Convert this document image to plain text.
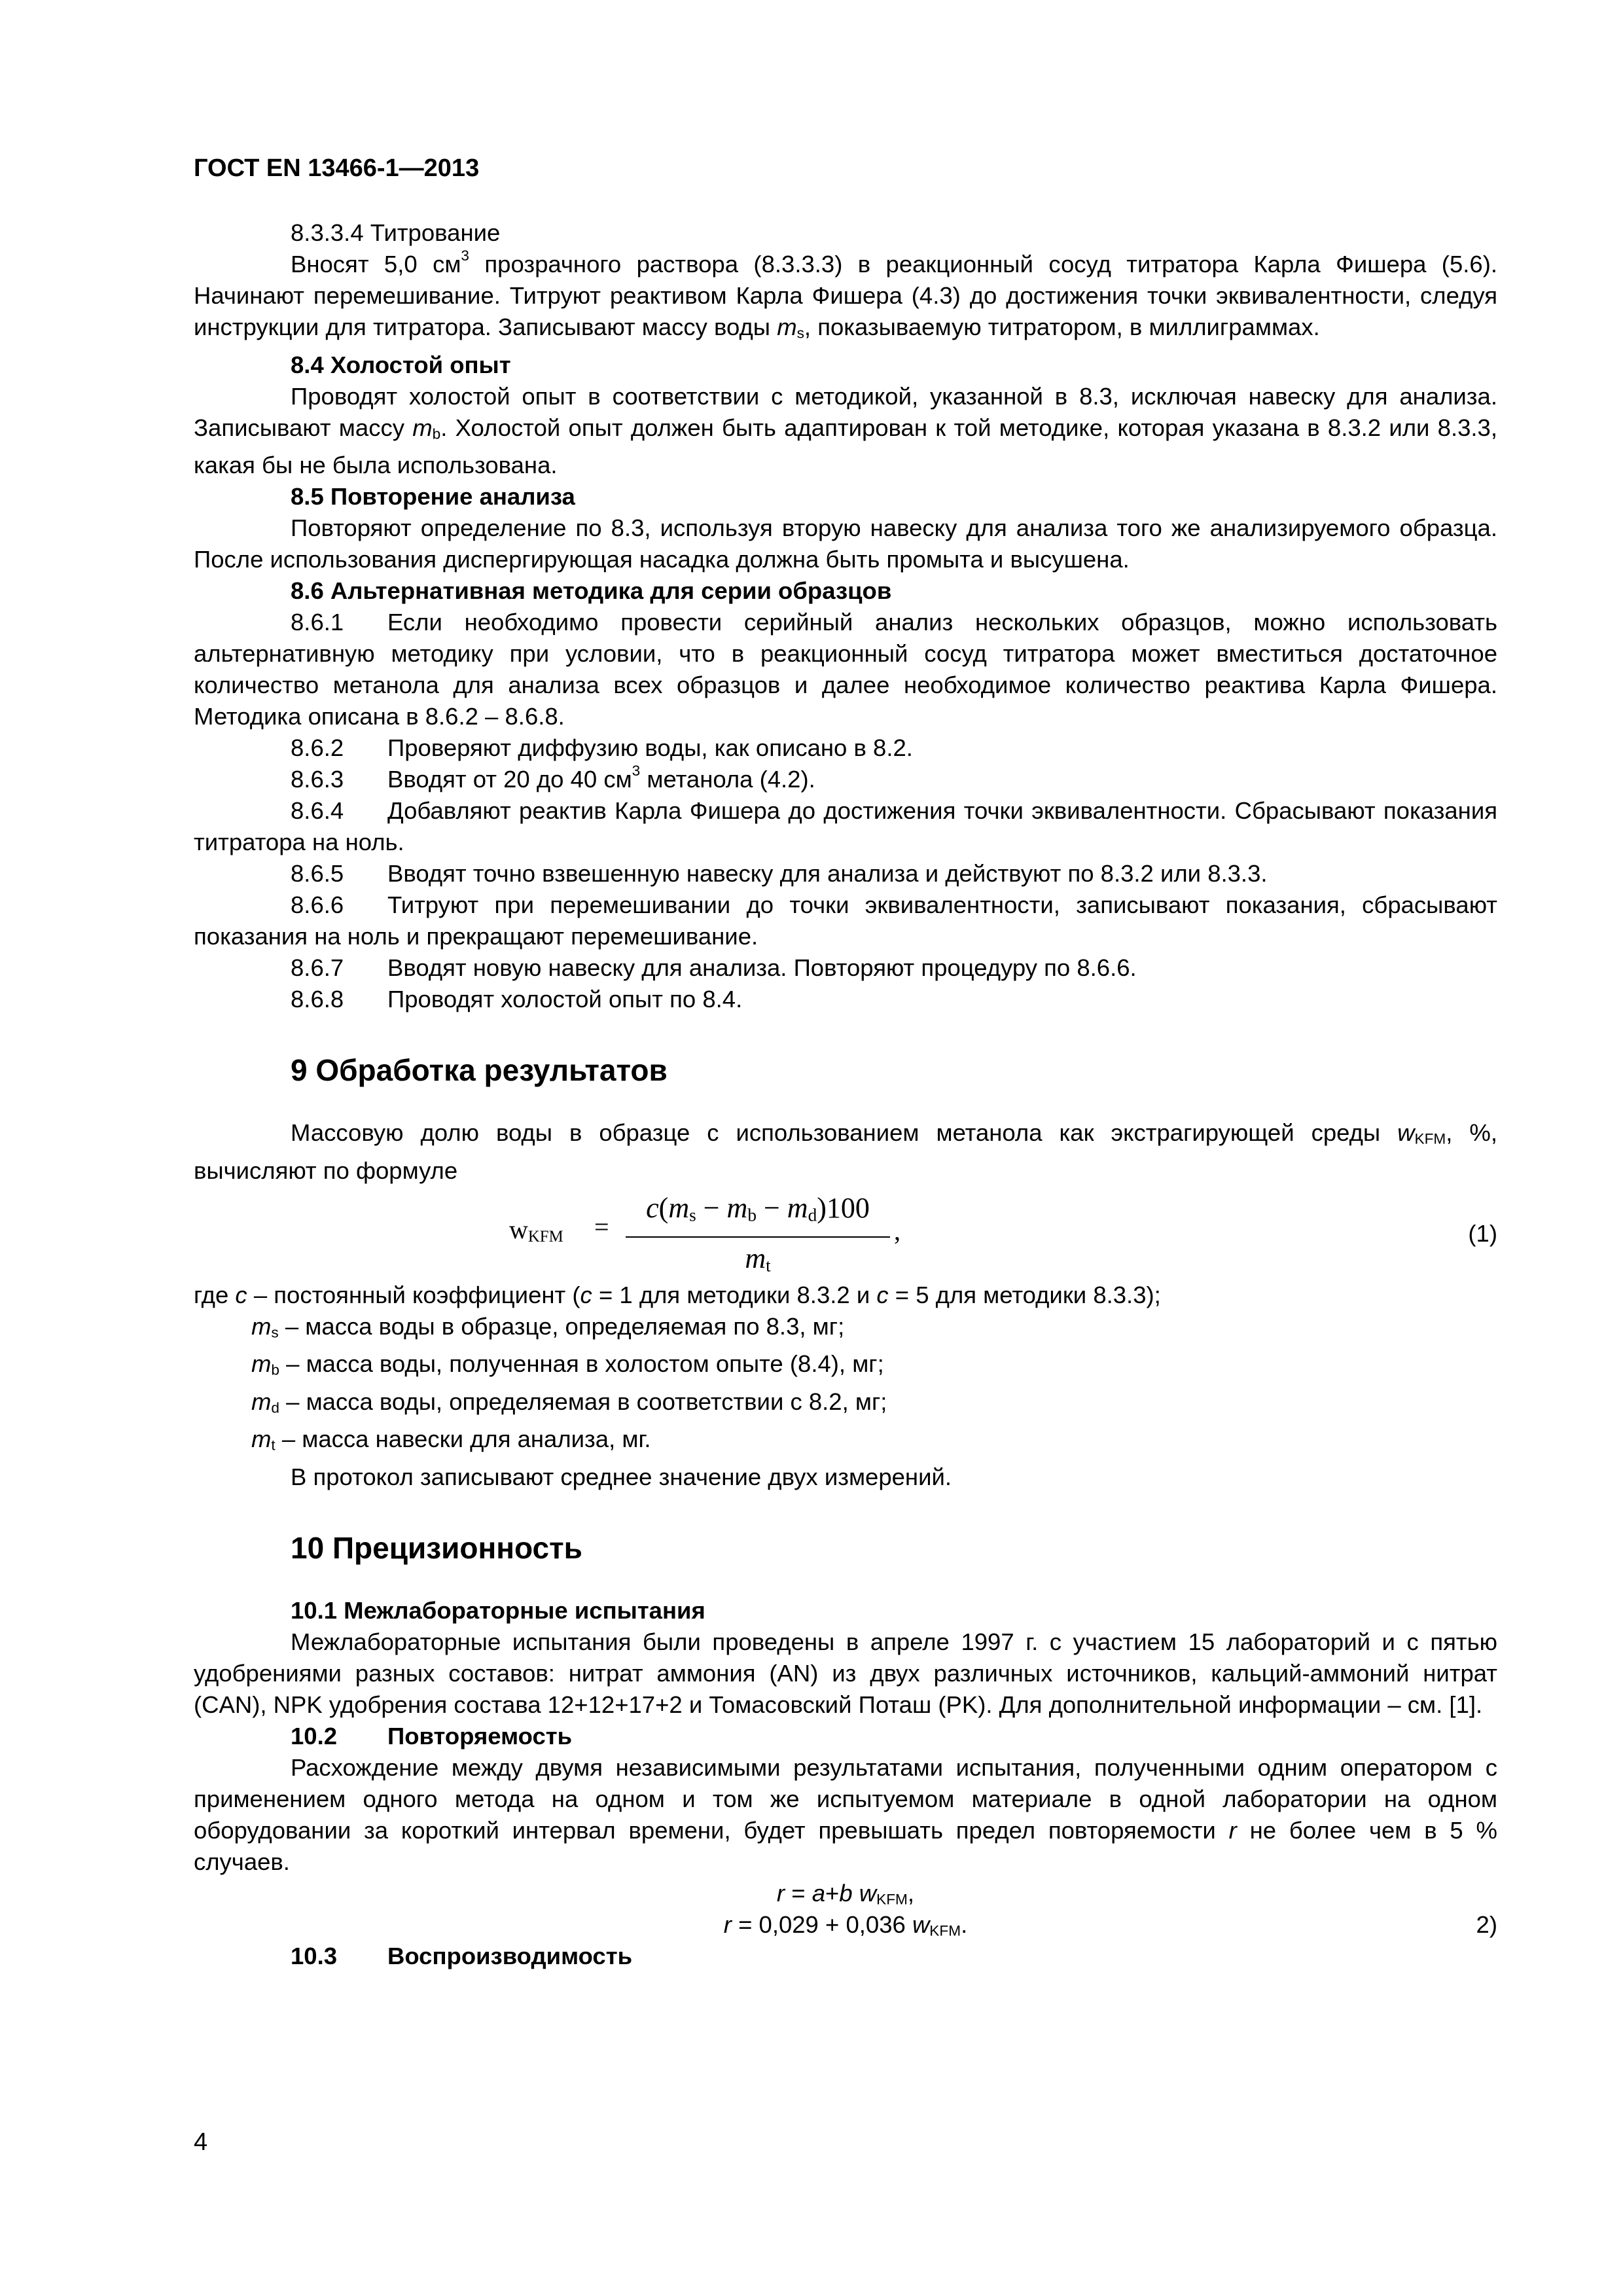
ГОСТ EN 13466-1—2013

8.3.3.4 Титрование

Вносят 5,0 $см^3$ прозрачного раствора (8.3.3.3) в реакционный сосуд титратора Карла Фишера (5.6). Начинают перемешивание. Титруют реактивом Карла Фишера (4.3) до достижения точки эквивалентности, следуя инструкции для титратора. Записывают массу воды $m_s$, показываемую титратором, в миллиграммах.

8.4 Холостой опыт

Проводят холостой опыт в соответствии с методикой, указанной в 8.3, исключая навеску для анализа. Записывают массу $m_b$. Холостой опыт должен быть адаптирован к той методике, которая указана в 8.3.2 или 8.3.3, какая бы не была использована.

8.5 Повторение анализа

Повторяют определение по 8.3, используя вторую навеску для анализа того же анализируемого образца. После использования диспергирующая насадка должна быть промыта и высушена.

8.6 Альтернативная методика для серии образцов

8.6.1 Если необходимо провести серийный анализ нескольких образцов, можно использовать альтернативную методику при условии, что в реакционный сосуд титратора может вместиться достаточное количество метанола для анализа всех образцов и далее необходимое количество реактива Карла Фишера. Методика описана в 8.6.2 – 8.6.8.

8.6.2 Проверяют диффузию воды, как описано в 8.2.

8.6.3 Вводят от 20 до 40 $см^3$ метанола (4.2).

8.6.4 Добавляют реактив Карла Фишера до достижения точки эквивалентности. Сбрасывают показания титратора на ноль.

8.6.5 Вводят точно взвешенную навеску для анализа и действуют по 8.3.2 или 8.3.3.

8.6.6 Титруют при перемешивании до точки эквивалентности, записывают показания, сбрасывают показания на ноль и прекращают перемешивание.

8.6.7 Вводят новую навеску для анализа. Повторяют процедуру по 8.6.6.

8.6.8 Проводят холостой опыт по 8.4.

9 Обработка результатов

Массовую долю воды в образце с использованием метанола как экстрагирующей среды $w_{KFM}$, %, вычисляют по формуле

wKFM =
$c(m_s - m_b - m_d)100$
$m_t$
,	(1)

где c – постоянный коэффициент (c = 1 для методики 8.3.2 и c = 5 для методики 8.3.3);

$m_s$ – масса воды в образце, определяемая по 8.3, мг;

$m_b$ – масса воды, полученная в холостом опыте (8.4), мг;

$m_d$ – масса воды, определяемая в соответствии с 8.2, мг;

$m_t$ – масса навески для анализа, мг.

В протокол записывают среднее значение двух измерений.

10 Прецизионность

10.1 Межлабораторные испытания

Межлабораторные испытания были проведены в апреле 1997 г. с участием 15 лабораторий и с пятью удобрениями разных составов: нитрат аммония (AN) из двух различных источников, кальций-аммоний нитрат (CAN), NPK удобрения состава 12+12+17+2 и Томасовский Поташ (PK). Для дополнительной информации – см. [1].

10.2 Повторяемость

Расхождение между двумя независимыми результатами испытания, полученными одним оператором с применением одного метода на одном и том же испытуемом материале в одной лаборатории на одном оборудовании за короткий интервал времени, будет превышать предел повторяемости r не более чем в 5 % случаев.

r = a+b $w_{KFM}$,
r = 0,029 + 0,036 $w_{KFM}$.	2)

10.3 Воспроизводимость

4
